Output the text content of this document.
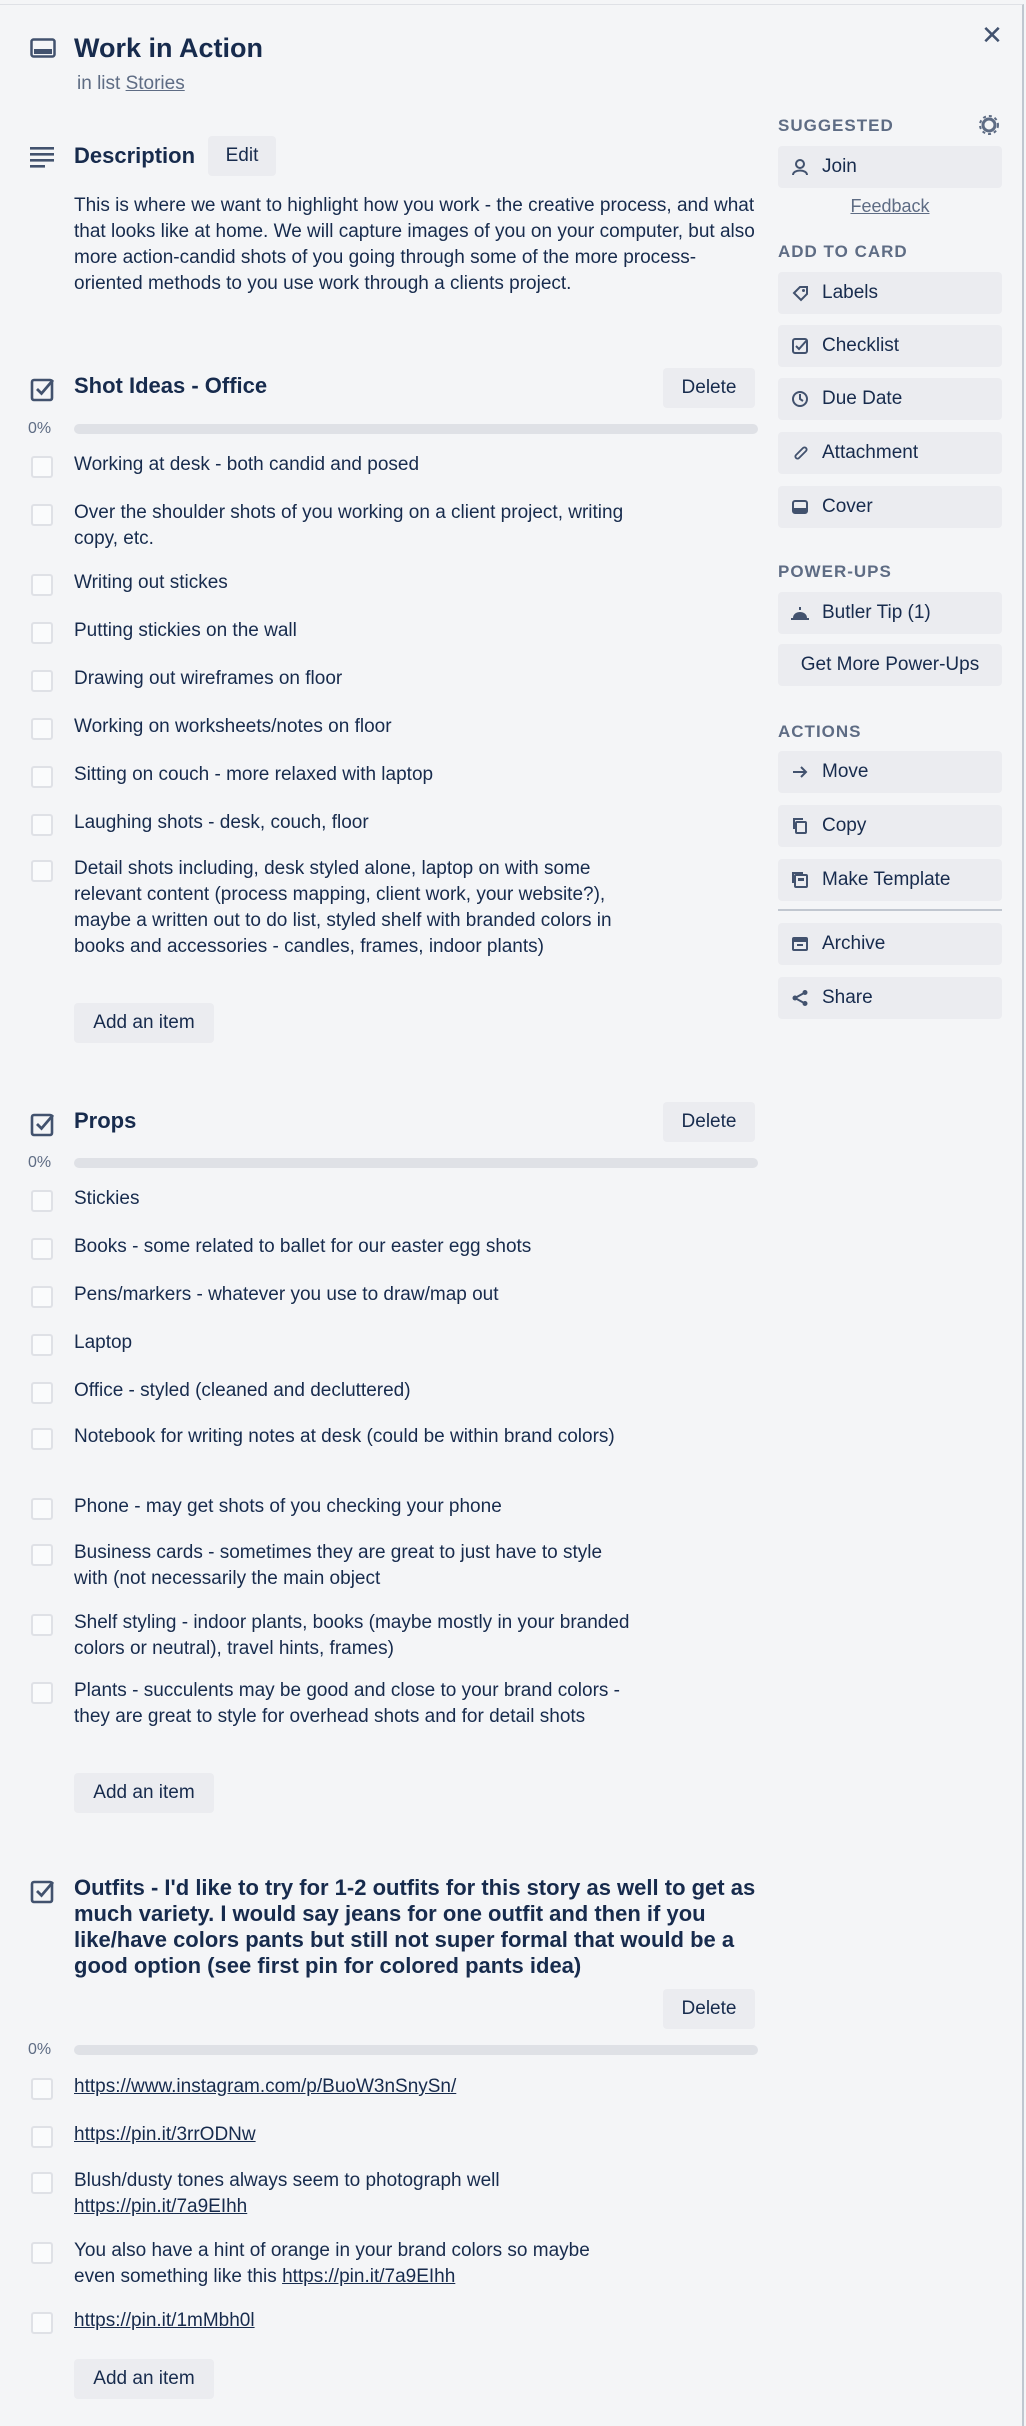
✕
Work in Action
in list Stories
Description	Edit
This is where we want to highlight how you work - the creative process, and what that looks like at home. We will capture images of you on your computer, but also more action-candid shots of you going through some of the more process-oriented methods to you use work through a clients project.
Shot Ideas - Office	Delete
0%
Working at desk - both candid and posed
Over the shoulder shots of you working on a client project, writing copy, etc.
Writing out stickes
Putting stickies on the wall
Drawing out wireframes on floor
Working on worksheets/notes on floor
Sitting on couch - more relaxed with laptop
Laughing shots - desk, couch, floor
Detail shots including, desk styled alone, laptop on with some relevant content (process mapping, client work, your website?), maybe a written out to do list, styled shelf with branded colors in books and accessories - candles, frames, indoor plants)
Add an item
Props	Delete
0%
Stickies
Books - some related to ballet for our easter egg shots
Pens/markers - whatever you use to draw/map out
Laptop
Office - styled (cleaned and decluttered)
Notebook for writing notes at desk (could be within brand colors)
Phone - may get shots of you checking your phone
Business cards - sometimes they are great to just have to style with (not necessarily the main object
Shelf styling - indoor plants, books (maybe mostly in your branded colors or neutral), travel hints, frames)
Plants - succulents may be good and close to your brand colors - they are great to style for overhead shots and for detail shots
Add an item
Outfits - I'd like to try for 1-2 outfits for this story as well to get as much variety. I would say jeans for one outfit and then if you like/have colors pants but still not super formal that would be a good option (see first pin for colored pants idea)
Delete
0%
https://www.instagram.com/p/BuoW3nSnySn/
https://pin.it/3rrODNw
Blush/dusty tones always seem to photograph well https://pin.it/7a9EIhh
You also have a hint of orange in your brand colors so maybe even something like this https://pin.it/7a9EIhh
https://pin.it/1mMbh0l
Add an item
SUGGESTED
Join
Feedback
ADD TO CARD
Labels
Checklist
Due Date
Attachment
Cover
POWER-UPS
Butler Tip (1)
Get More Power-Ups
ACTIONS
Move
Copy
Make Template
Archive
Share
